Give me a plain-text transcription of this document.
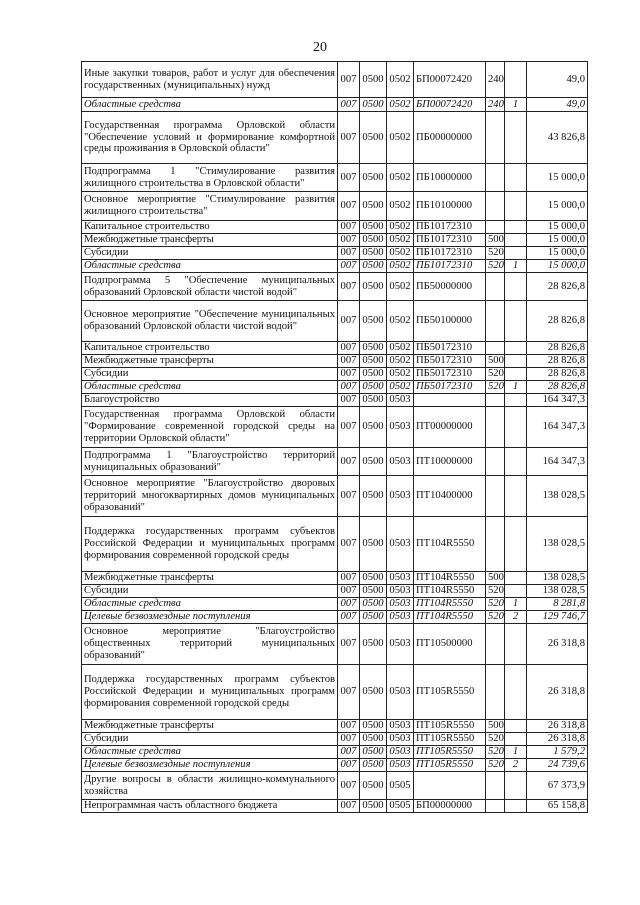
20
Иные закупки товаров, работ и услуг для обеспечения государственных (муниципальных) нужд	007	0500	0502	БП00072420	240		49,0
Областные средства	007	0500	0502	БП00072420	240	1	49,0
Государственная программа Орловской области "Обеспечение условий и формирование комфортной среды проживания в Орловской области"	007	0500	0502	ПБ00000000			43 826,8
Подпрограмма 1 "Стимулирование развития жилищного строительства в Орловской области"	007	0500	0502	ПБ10000000			15 000,0
Основное мероприятие "Стимулирование развития жилищного строительства"	007	0500	0502	ПБ10100000			15 000,0
Капитальное строительство	007	0500	0502	ПБ10172310			15 000,0
Межбюджетные трансферты	007	0500	0502	ПБ10172310	500		15 000,0
Субсидии	007	0500	0502	ПБ10172310	520		15 000,0
Областные средства	007	0500	0502	ПБ10172310	520	1	15 000,0
Подпрограмма 5 "Обеспечение муниципальных образований Орловской области чистой водой"	007	0500	0502	ПБ50000000			28 826,8
Основное мероприятие "Обеспечение муниципальных образований Орловской области чистой водой"	007	0500	0502	ПБ50100000			28 826,8
Капитальное строительство	007	0500	0502	ПБ50172310			28 826,8
Межбюджетные трансферты	007	0500	0502	ПБ50172310	500		28 826,8
Субсидии	007	0500	0502	ПБ50172310	520		28 826,8
Областные средства	007	0500	0502	ПБ50172310	520	1	28 826,8
Благоустройство	007	0500	0503				164 347,3
Государственная программа Орловской области "Формирование современной городской среды на территории Орловской области"	007	0500	0503	ПТ00000000			164 347,3
Подпрограмма 1 "Благоустройство территорий муниципальных образований"	007	0500	0503	ПТ10000000			164 347,3
Основное мероприятие "Благоустройство дворовых территорий многоквартирных домов муниципальных образований"	007	0500	0503	ПТ10400000			138 028,5
Поддержка государственных программ субъектов Российской Федерации и муниципальных программ формирования современной городской среды	007	0500	0503	ПТ104R5550			138 028,5
Межбюджетные трансферты	007	0500	0503	ПТ104R5550	500		138 028,5
Субсидии	007	0500	0503	ПТ104R5550	520		138 028,5
Областные средства	007	0500	0503	ПТ104R5550	520	1	8 281,8
Целевые безвозмездные поступления	007	0500	0503	ПТ104R5550	520	2	129 746,7
Основное мероприятие "Благоустройство общественных территорий муниципальных образований"	007	0500	0503	ПТ10500000			26 318,8
Поддержка государственных программ субъектов Российской Федерации и муниципальных программ формирования современной городской среды	007	0500	0503	ПТ105R5550			26 318,8
Межбюджетные трансферты	007	0500	0503	ПТ105R5550	500		26 318,8
Субсидии	007	0500	0503	ПТ105R5550	520		26 318,8
Областные средства	007	0500	0503	ПТ105R5550	520	1	1 579,2
Целевые безвозмездные поступления	007	0500	0503	ПТ105R5550	520	2	24 739,6
Другие вопросы в области жилищно-коммунального хозяйства	007	0500	0505				67 373,9
Непрограммная часть областного бюджета	007	0500	0505	БП00000000			65 158,8
